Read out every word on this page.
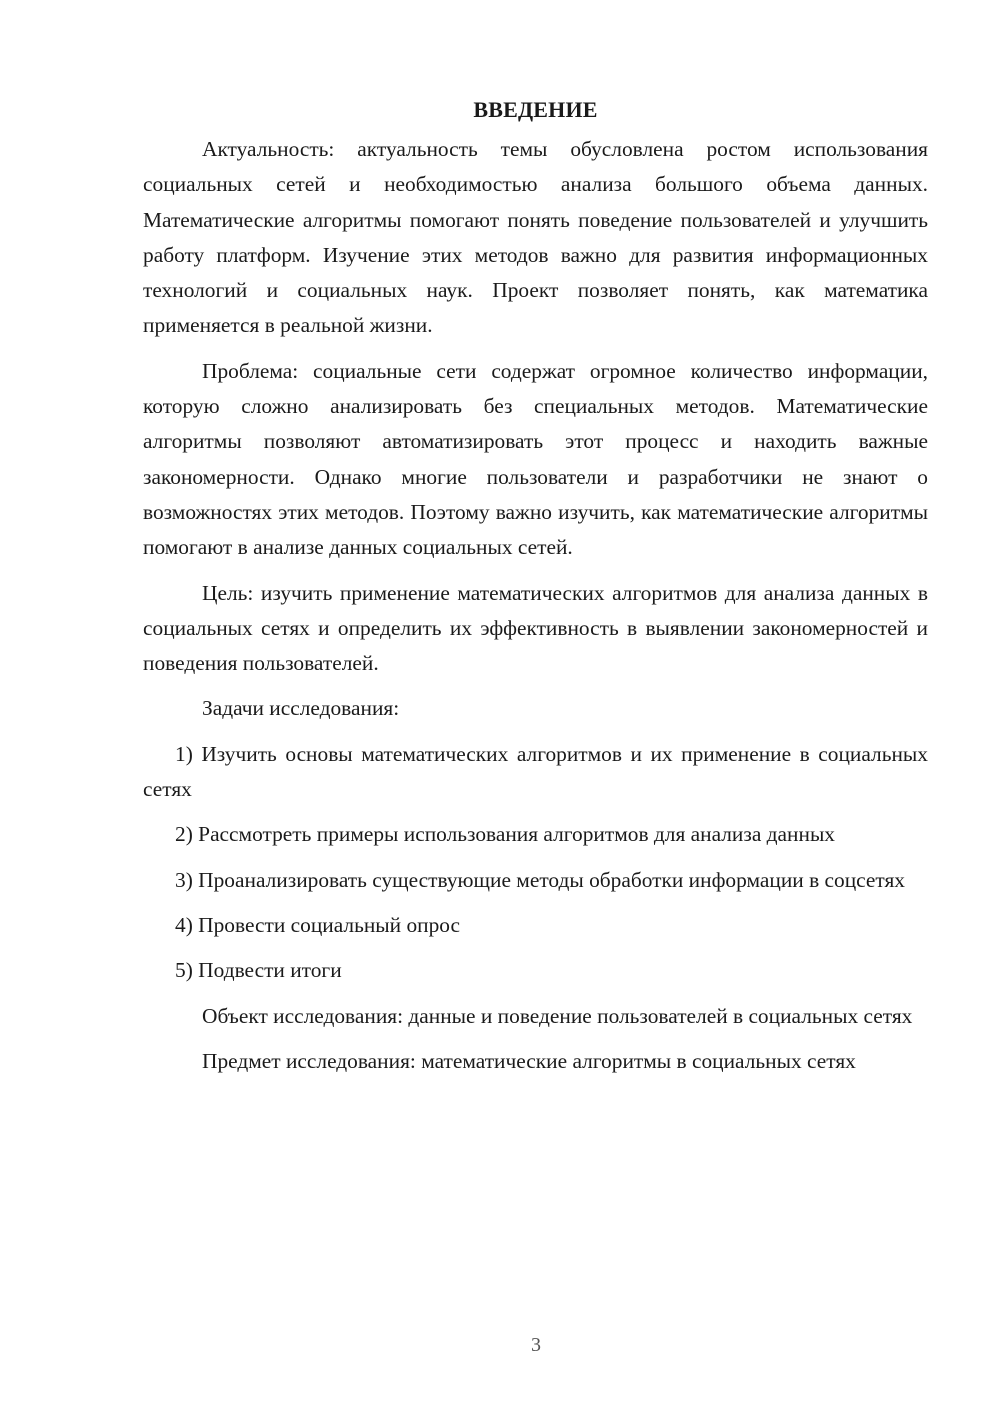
ВВЕДЕНИЕ

Актуальность: актуальность темы обусловлена ростом использования социальных сетей и необходимостью анализа большого объема данных. Математические алгоритмы помогают понять поведение пользователей и улучшить работу платформ. Изучение этих методов важно для развития информационных технологий и социальных наук. Проект позволяет понять, как математика применяется в реальной жизни.

Проблема: социальные сети содержат огромное количество информации, которую сложно анализировать без специальных методов. Математические алгоритмы позволяют автоматизировать этот процесс и находить важные закономерности. Однако многие пользователи и разработчики не знают о возможностях этих методов. Поэтому важно изучить, как математические алгоритмы помогают в анализе данных социальных сетей.

Цель: изучить применение математических алгоритмов для анализа данных в социальных сетях и определить их эффективность в выявлении закономерностей и поведения пользователей.

Задачи исследования:

1) Изучить основы математических алгоритмов и их применение в социальных сетях

2) Рассмотреть примеры использования алгоритмов для анализа данных

3) Проанализировать существующие методы обработки информации в соцсетях

4) Провести социальный опрос

5) Подвести итоги

Объект исследования: данные и поведение пользователей в социальных сетях

Предмет исследования: математические алгоритмы в социальных сетях

3
